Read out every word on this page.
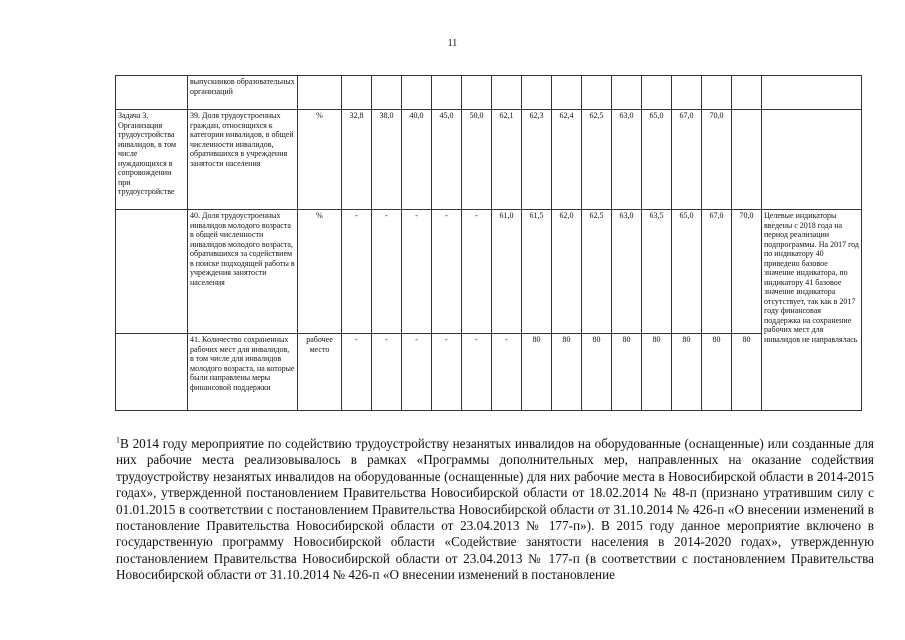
11
	выпускников образовательных организаций																
Задача 3. Организация трудоустройства инвалидов, в том числе нуждающихся в сопровождении при трудоустройстве	39. Доля трудоустроенных граждан, относящихся к категории инвалидов, в общей численности инвалидов, обратившихся в учреждения занятости населения	%	32,8	38,0	40,0	45,0	50,0	62,1	62,3	62,4	62,5	63,0	65,0	67,0	70,0		
	40. Доля трудоустроенных инвалидов молодого возраста в общей численности инвалидов молодого возраста, обратившихся за содействием в поиске подходящей работы в учреждения занятости населения	%	-	-	-	-	-	61,0	61,5	62,0	62,5	63,0	63,5	65,0	67,0	70,0	Целевые индикаторы введены с 2018 года на период реализации подпрограммы. На 2017 год по индикатору 40 приведено базовое значение индикатора, по индикатору 41 базовое значение индикатора отсутствует, так как в 2017 году финансовая поддержка на сохранение рабочих мест для инвалидов не направлялась
	41. Количество сохраненных рабочих мест для инвалидов, в том числе для инвалидов молодого возраста, на которые были направлены меры финансовой поддержки	рабочее место	-	-	-	-	-	-	80	80	80	80	80	80	80	80	
$^1$В 2014 году мероприятие по содействию трудоустройству незанятых инвалидов на оборудованные (оснащенные) или созданные для них рабочие места реализовывалось в рамках «Программы дополнительных мер, направленных на оказание содействия трудоустройству незанятых инвалидов на оборудованные (оснащенные) для них рабочие места в Новосибирской области в 2014-2015 годах», утвержденной постановлением Правительства Новосибирской области от 18.02.2014 № 48-п (признано утратившим силу с 01.01.2015 в соответствии с постановлением Правительства Новосибирской области от 31.10.2014 № 426-п «О внесении изменений в постановление Правительства Новосибирской области от 23.04.2013 № 177-п»). В 2015 году данное мероприятие включено в государственную программу Новосибирской области «Содействие занятости населения в 2014-2020 годах», утвержденную постановлением Правительства Новосибирской области от 23.04.2013 № 177-п (в соответствии с постановлением Правительства Новосибирской области от 31.10.2014 № 426-п «О внесении изменений в постановление
